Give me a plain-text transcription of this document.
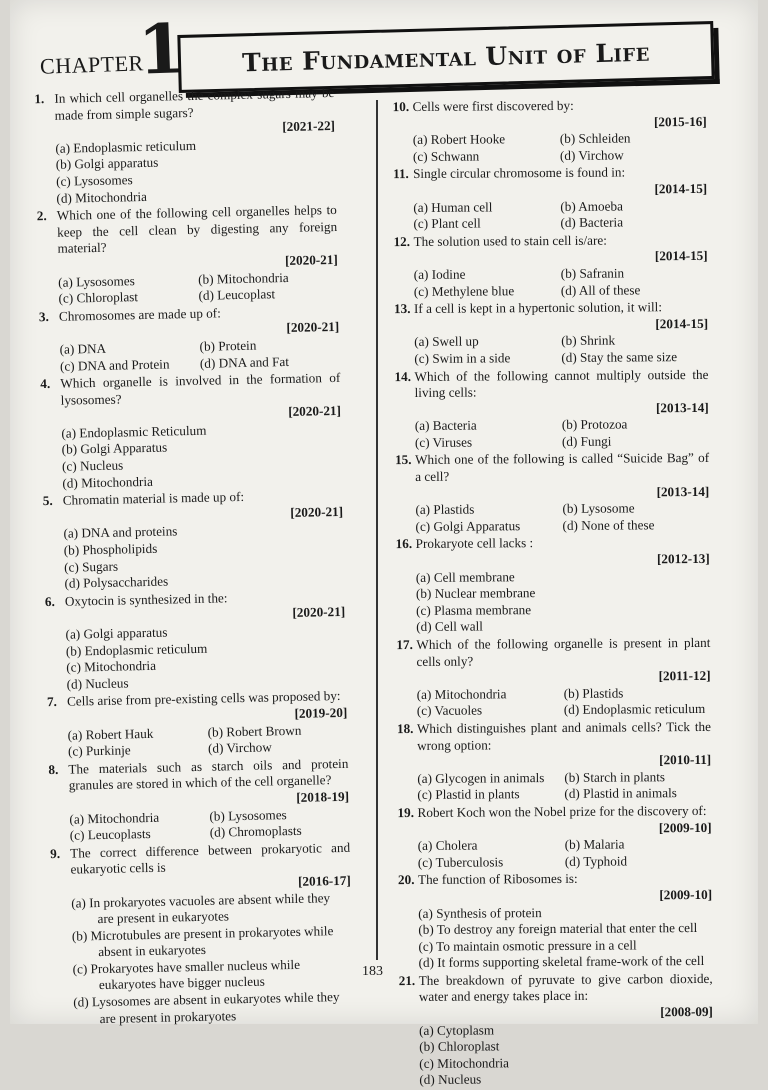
CHAPTER
1 The Fundamental Unit of Life
1. In which cell organelles the complex sugars may be made from simple sugars?
[2021-22]
(a) Endoplasmic reticulum
(b) Golgi apparatus
(c) Lysosomes
(d) Mitochondria
2. Which one of the following cell organelles helps to keep the cell clean by digesting any foreign material?
[2020-21]
(a) Lysosomes	(b) Mitochondria
(c) Chloroplast	(d) Leucoplast
3. Chromosomes are made up of:
[2020-21]
(a) DNA	(b) Protein
(c) DNA and Protein	(d) DNA and Fat
4. Which organelle is involved in the formation of lysosomes?
[2020-21]
(a) Endoplasmic Reticulum
(b) Golgi Apparatus
(c) Nucleus
(d) Mitochondria
5. Chromatin material is made up of:
[2020-21]
(a) DNA and proteins
(b) Phospholipids
(c) Sugars
(d) Polysaccharides
6. Oxytocin is synthesized in the:
[2020-21]
(a) Golgi apparatus
(b) Endoplasmic reticulum
(c) Mitochondria
(d) Nucleus
7. Cells arise from pre-existing cells was proposed by:
[2019-20]
(a) Robert Hauk	(b) Robert Brown
(c) Purkinje	(d) Virchow
8. The materials such as starch oils and protein granules are stored in which of the cell organelle?
[2018-19]
(a) Mitochondria	(b) Lysosomes
(c) Leucoplasts	(d) Chromoplasts
9. The correct difference between prokaryotic and eukaryotic cells is
[2016-17]
(a) In prokaryotes vacuoles are absent while they are present in eukaryotes
(b) Microtubules are present in prokaryotes while absent in eukaryotes
(c) Prokaryotes have smaller nucleus while eukaryotes have bigger nucleus
(d) Lysosomes are absent in eukaryotes while they are present in prokaryotes
10. Cells were first discovered by:
[2015-16]
(a) Robert Hooke	(b) Schleiden
(c) Schwann	(d) Virchow
11. Single circular chromosome is found in:
[2014-15]
(a) Human cell	(b) Amoeba
(c) Plant cell	(d) Bacteria
12. The solution used to stain cell is/are:
[2014-15]
(a) Iodine	(b) Safranin
(c) Methylene blue	(d) All of these
13. If a cell is kept in a hypertonic solution, it will:
[2014-15]
(a) Swell up	(b) Shrink
(c) Swim in a side	(d) Stay the same size
14. Which of the following cannot multiply outside the living cells:
[2013-14]
(a) Bacteria	(b) Protozoa
(c) Viruses	(d) Fungi
15. Which one of the following is called “Suicide Bag” of a cell?
[2013-14]
(a) Plastids	(b) Lysosome
(c) Golgi Apparatus	(d) None of these
16. Prokaryote cell lacks :
[2012-13]
(a) Cell membrane
(b) Nuclear membrane
(c) Plasma membrane
(d) Cell wall
17. Which of the following organelle is present in plant cells only?
[2011-12]
(a) Mitochondria	(b) Plastids
(c) Vacuoles	(d) Endoplasmic reticulum
18. Which distinguishes plant and animals cells? Tick the wrong option:
[2010-11]
(a) Glycogen in animals	(b) Starch in plants
(c) Plastid in plants	(d) Plastid in animals
19. Robert Koch won the Nobel prize for the discovery of:
[2009-10]
(a) Cholera	(b) Malaria
(c) Tuberculosis	(d) Typhoid
20. The function of Ribosomes is:
[2009-10]
(a) Synthesis of protein
(b) To destroy any foreign material that enter the cell
(c) To maintain osmotic pressure in a cell
(d) It forms supporting skeletal frame-work of the cell
21. The breakdown of pyruvate to give carbon dioxide, water and energy takes place in:
[2008-09]
(a) Cytoplasm
(b) Chloroplast
(c) Mitochondria
(d) Nucleus
183
